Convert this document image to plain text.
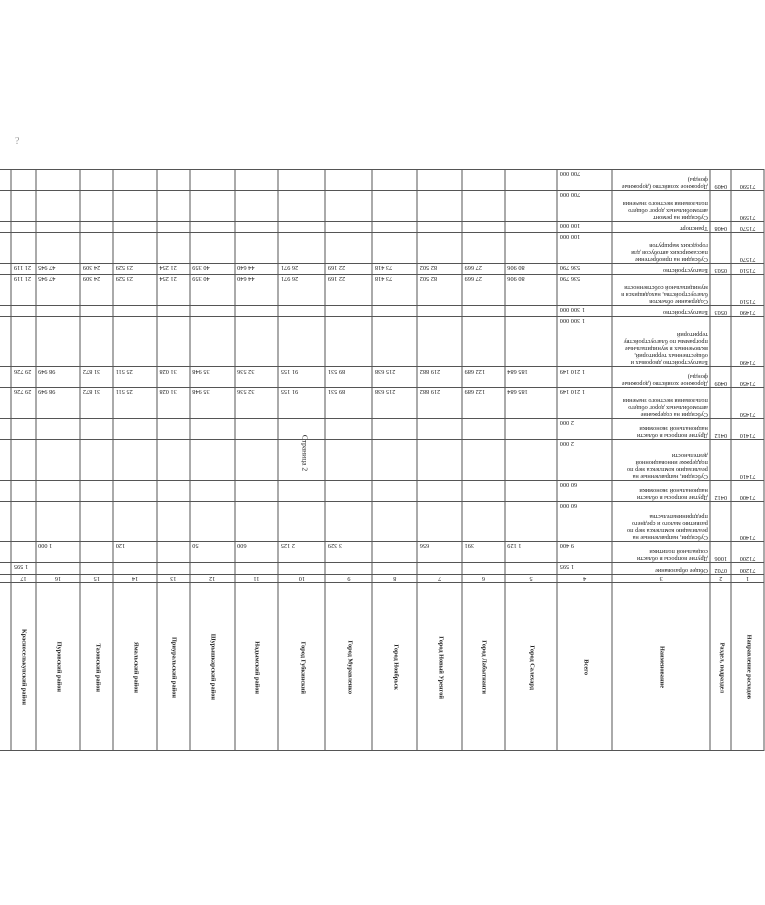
?
Страница 2
Направление расходов	Раздел, подраздел	Наименование	Всего	Город Салехард	Город Лабытнанги	Город Новый Уренгой	Город Ноябрьск	Город Муравленко	Город Губкинский	Надымский район	Шурышкарский район	Приуральский район	Ямальский район	Тазовский район	Пуровский район	Красноселькупский район	
1	2	3	4	5	6	7	8	9	10	11	12	13	14	15	16	17	
71200	0702	Общее образование	1 595													1 595	
71200	1006	Другие вопросы в области социальной политики	9 400	1 129	391	656		3 329	2 125	600	50		120		1 000		
71400		Субсидии, направленные на реализацию комплекса мер по развитию малого и среднего предпринимательства	60 000														
71400	0412	Другие вопросы в области национальной экономики	60 000														
71410		Субсидии, направленные на реализацию комплекса мер по поддержке инновационной деятельности	2 000														
71410	0412	Другие вопросы в области национальной экономики	2 000														
71450		Субсидии на содержание автомобильных дорог общего пользования местного значения	1 210 149	185 684	122 689	219 882	215 638	89 531	91 155	32 536	35 948	31 028	25 511	31 872	98 949	29 726	
71450	0409	Дорожное хозяйство (дорожные фонды)	1 210 149	185 684	122 689	219 882	215 638	89 531	91 155	32 536	35 948	31 028	25 511	31 872	98 949	29 726	
71490		Благоустройство дворовых и общественных территорий, включенных в муниципальные программы по благоустройству территорий	1 300 000														
71490	0503	Благоустройство	1 300 000														
71510		Содержание объектов благоустройства, находящихся в муниципальной собственности	536 790	80 906	27 669	82 502	73 418	22 169	26 971	44 640	40 359	21 254	23 529	24 309	47 945	21 119	
71510	0503	Благоустройство	536 790	80 906	27 669	82 502	73 418	22 169	26 971	44 640	40 359	21 254	23 529	24 309	47 945	21 119	
71570		Субсидии на приобретение пассажирских автобусов для городских маршрутов	100 000														
71570	0408	Транспорт	100 000														
71590		Субсидии на ремонт автомобильных дорог общего пользования местного значения	700 000														
71590	0409	Дорожное хозяйство (дорожные фонды)	700 000														
